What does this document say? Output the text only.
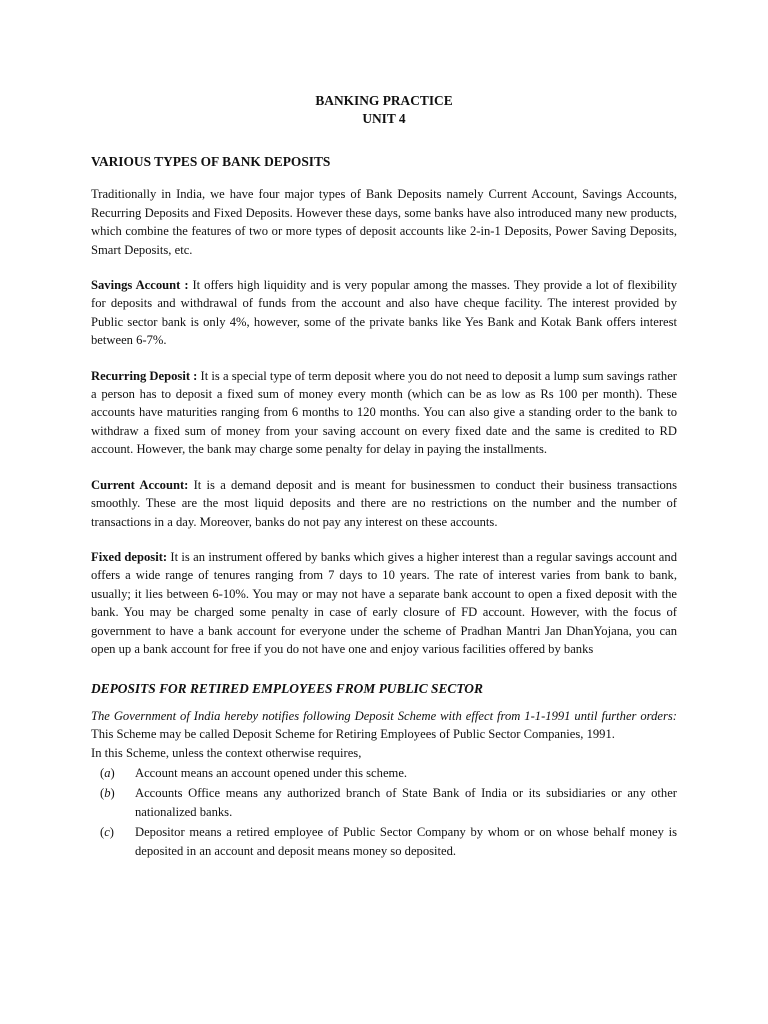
BANKING PRACTICE
UNIT 4
VARIOUS TYPES OF BANK DEPOSITS

Traditionally in India, we have four major types of Bank Deposits namely Current Account, Savings Accounts, Recurring Deposits and Fixed Deposits. However these days, some banks have also introduced many new products, which combine the features of two or more types of deposit accounts like 2-in-1 Deposits, Power Saving Deposits, Smart Deposits, etc.

Savings Account : It offers high liquidity and is very popular among the masses. They provide a lot of flexibility for deposits and withdrawal of funds from the account and also have cheque facility. The interest provided by Public sector bank is only 4%, however, some of the private banks like Yes Bank and Kotak Bank offers interest between 6-7%.

Recurring Deposit : It is a special type of term deposit where you do not need to deposit a lump sum savings rather a person has to deposit a fixed sum of money every month (which can be as low as Rs 100 per month). These accounts have maturities ranging from 6 months to 120 months. You can also give a standing order to the bank to withdraw a fixed sum of money from your saving account on every fixed date and the same is credited to RD account. However, the bank may charge some penalty for delay in paying the installments.

Current Account: It is a demand deposit and is meant for businessmen to conduct their business transactions smoothly. These are the most liquid deposits and there are no restrictions on the number and the number of transactions in a day. Moreover, banks do not pay any interest on these accounts.

Fixed deposit: It is an instrument offered by banks which gives a higher interest than a regular savings account and offers a wide range of tenures ranging from 7 days to 10 years. The rate of interest varies from bank to bank, usually; it lies between 6-10%. You may or may not have a separate bank account to open a fixed deposit with the bank. You may be charged some penalty in case of early closure of FD account. However, with the focus of government to have a bank account for everyone under the scheme of Pradhan Mantri Jan DhanYojana, you can open up a bank account for free if you do not have one and enjoy various facilities offered by banks

DEPOSITS FOR RETIRED EMPLOYEES FROM PUBLIC SECTOR

The Government of India hereby notifies following Deposit Scheme with effect from 1-1-1991 until further orders: This Scheme may be called Deposit Scheme for Retiring Employees of Public Sector Companies, 1991.

In this Scheme, unless the context otherwise requires,

(a) Account means an account opened under this scheme.
(b) Accounts Office means any authorized branch of State Bank of India or its subsidiaries or any other nationalized banks.
(c) Depositor means a retired employee of Public Sector Company by whom or on whose behalf money is deposited in an account and deposit means money so deposited.
